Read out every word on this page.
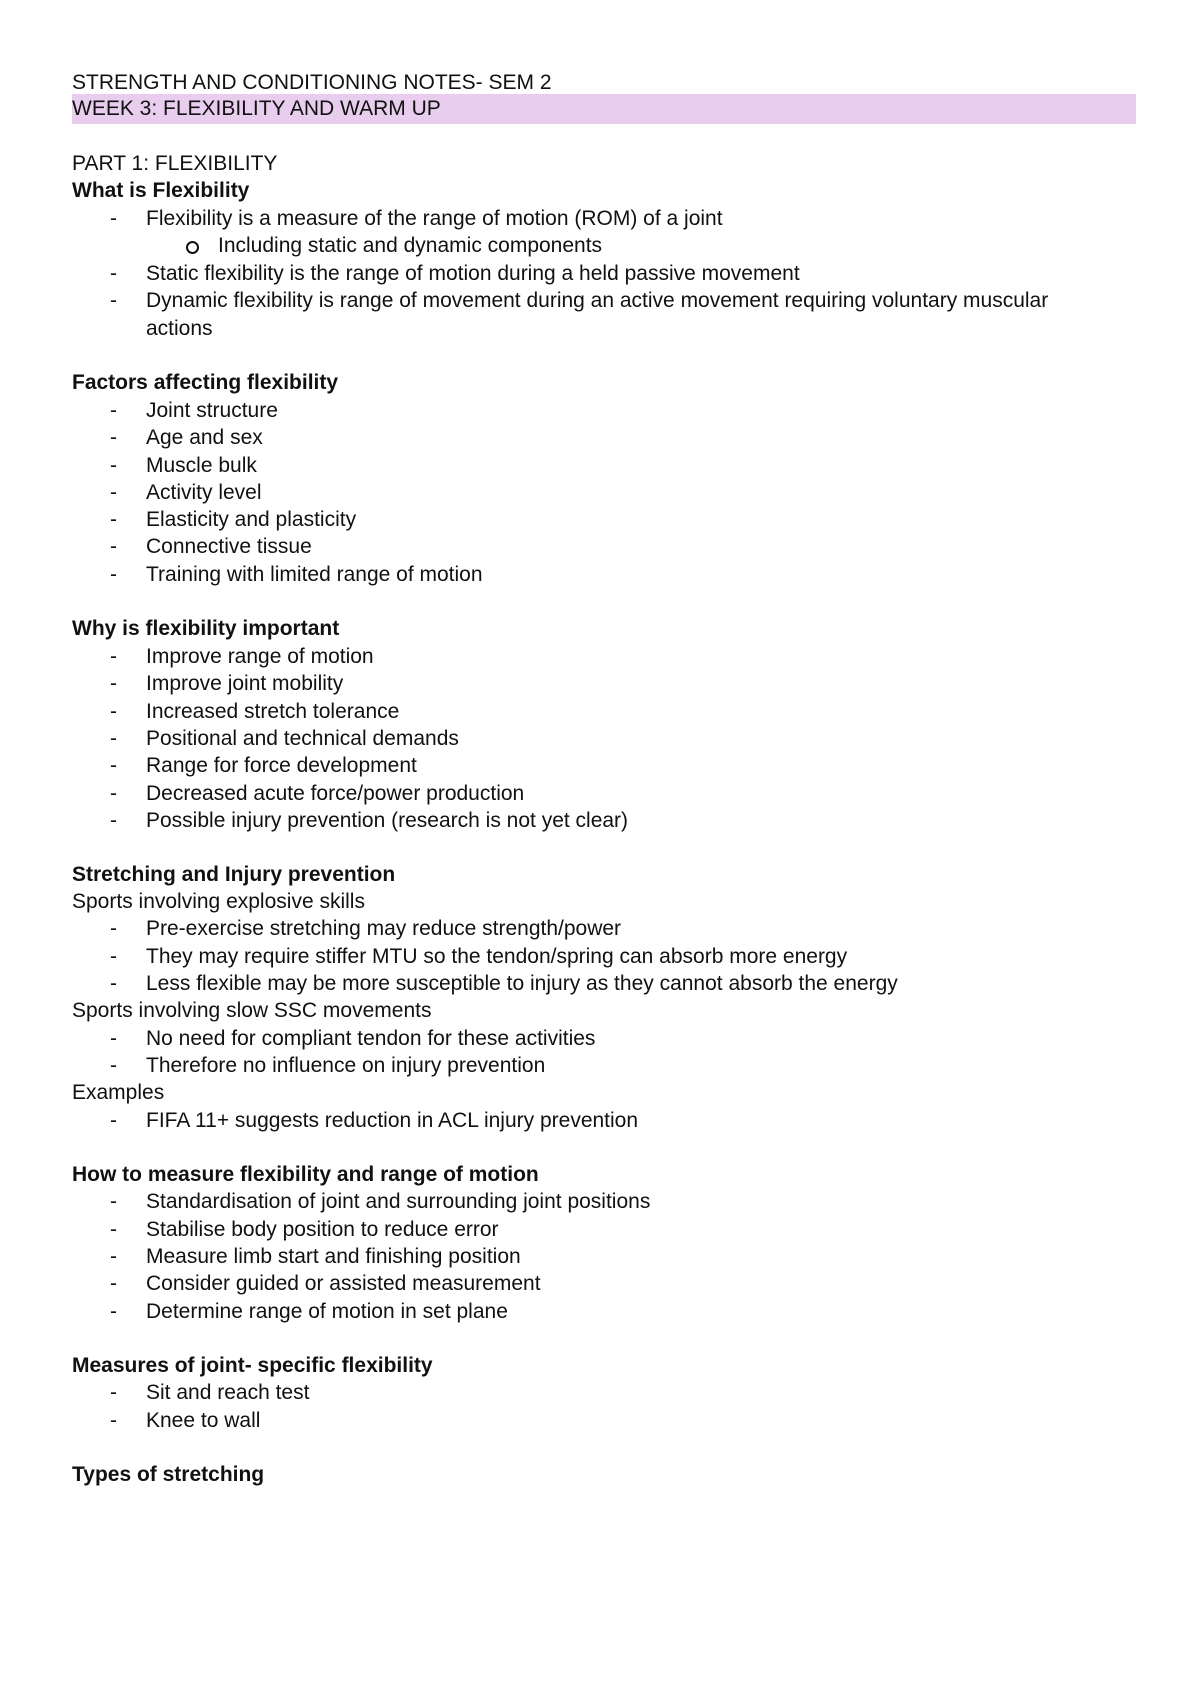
STRENGTH AND CONDITIONING NOTES- SEM 2
WEEK 3: FLEXIBILITY AND WARM UP
PART 1: FLEXIBILITY
What is Flexibility
- Flexibility is a measure of the range of motion (ROM) of a joint
Including static and dynamic components
- Static flexibility is the range of motion during a held passive movement
- Dynamic flexibility is range of movement during an active movement requiring voluntary muscular
actions
Factors affecting flexibility
- Joint structure
- Age and sex
- Muscle bulk
- Activity level
- Elasticity and plasticity
- Connective tissue
- Training with limited range of motion
Why is flexibility important
- Improve range of motion
- Improve joint mobility
- Increased stretch tolerance
- Positional and technical demands
- Range for force development
- Decreased acute force/power production
- Possible injury prevention (research is not yet clear)
Stretching and Injury prevention
Sports involving explosive skills
- Pre-exercise stretching may reduce strength/power
- They may require stiffer MTU so the tendon/spring can absorb more energy
- Less flexible may be more susceptible to injury as they cannot absorb the energy
Sports involving slow SSC movements
- No need for compliant tendon for these activities
- Therefore no influence on injury prevention
Examples
- FIFA 11+ suggests reduction in ACL injury prevention
How to measure flexibility and range of motion
- Standardisation of joint and surrounding joint positions
- Stabilise body position to reduce error
- Measure limb start and finishing position
- Consider guided or assisted measurement
- Determine range of motion in set plane
Measures of joint- specific flexibility
- Sit and reach test
- Knee to wall
Types of stretching
